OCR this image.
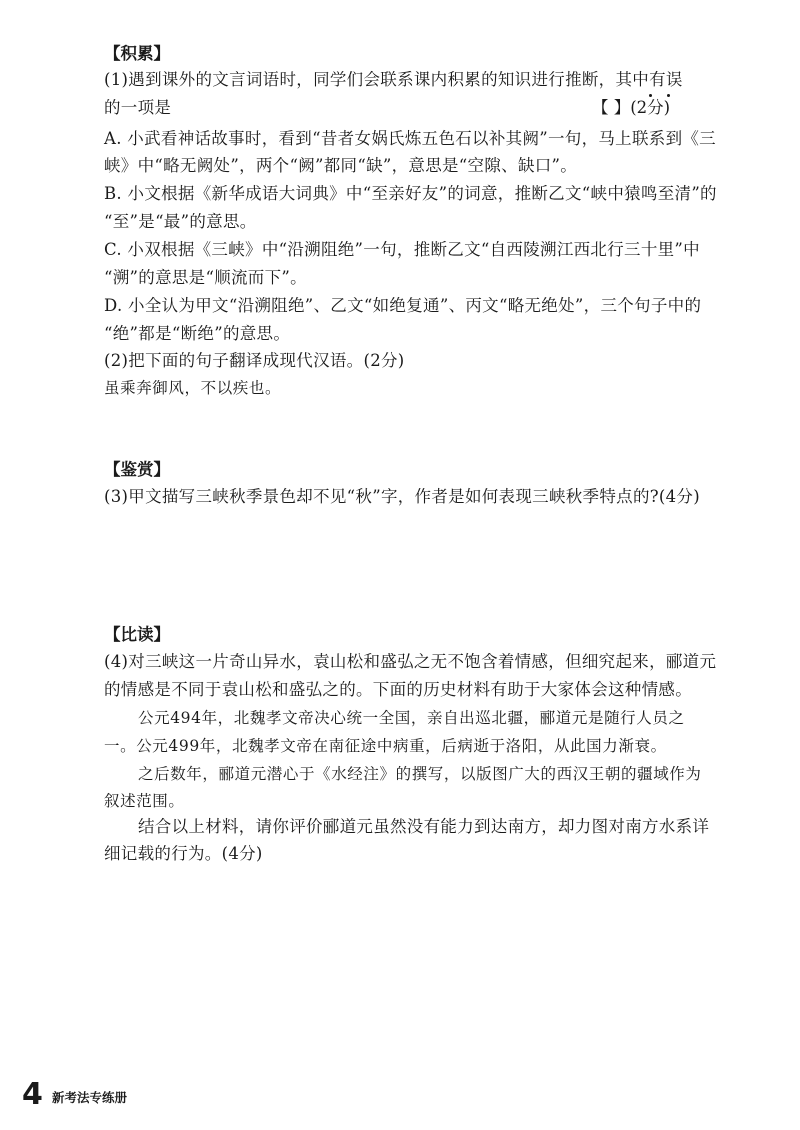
【积累】
(1)遇到课外的文言词语时，同学们会联系课内积累的知识进行推断，其中有误
的一项是	【 】(2分)
A. 小武看神话故事时，看到“昔者女娲氏炼五色石以补其阙”一句，马上联系到《三
峡》中“略无阙处”，两个“阙”都同“缺”，意思是“空隙、缺口”。
B. 小文根据《新华成语大词典》中“至亲好友”的词意，推断乙文“峡中猿鸣至清”的
“至”是“最”的意思。
C. 小双根据《三峡》中“沿溯阻绝”一句，推断乙文“自西陵溯江西北行三十里”中
“溯”的意思是“顺流而下”。
D. 小全认为甲文“沿溯阻绝”、乙文“如绝复通”、丙文“略无绝处”，三个句子中的
“绝”都是“断绝”的意思。
(2)把下面的句子翻译成现代汉语。(2分)
虽乘奔御风，不以疾也。
【鉴赏】
(3)甲文描写三峡秋季景色却不见“秋”字，作者是如何表现三峡秋季特点的?(4分)
【比读】
(4)对三峡这一片奇山异水，袁山松和盛弘之无不饱含着情感，但细究起来，郦道元
的情感是不同于袁山松和盛弘之的。下面的历史材料有助于大家体会这种情感。
公元494年，北魏孝文帝决心统一全国，亲自出巡北疆，郦道元是随行人员之
一。公元499年，北魏孝文帝在南征途中病重，后病逝于洛阳，从此国力渐衰。
之后数年，郦道元潜心于《水经注》的撰写，以版图广大的西汉王朝的疆域作为
叙述范围。
结合以上材料，请你评价郦道元虽然没有能力到达南方，却力图对南方水系详
细记载的行为。(4分)
4 新考法专练册
